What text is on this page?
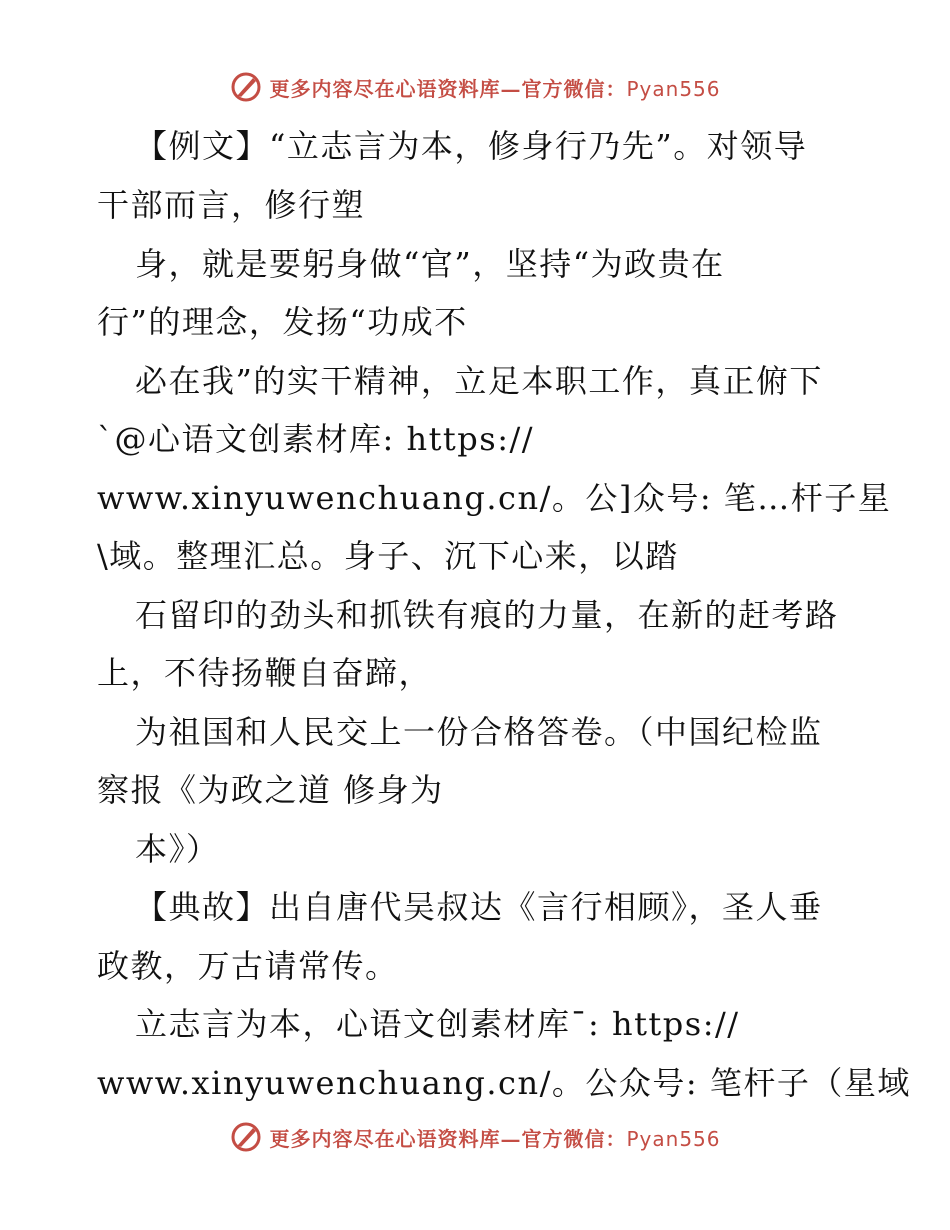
更多内容尽在心语资料库—官方微信：Pyan556
【例文】“立志言为本，修身行乃先”。对领导
干部而言，修行塑
身，就是要躬身做“官”，坚持“为政贵在
行”的理念，发扬“功成不
必在我”的实干精神，立足本职工作，真正俯下
`@心语文创素材库: https://
www.xinyuwenchuang.cn/。公]众号: 笔…杆子星
\域。整理汇总。身子、沉下心来，以踏
石留印的劲头和抓铁有痕的力量，在新的赶考路
上，不待扬鞭自奋蹄，
为祖国和人民交上一份合格答卷。（中国纪检监
察报《为政之道 修身为
本》）
【典故】出自唐代吴叔达《言行相顾》，圣人垂
政教，万古请常传。
立志言为本，心语文创素材库¯: https://
www.xinyuwenchuang.cn/。公众号: 笔杆子（星域
更多内容尽在心语资料库—官方微信：Pyan556
